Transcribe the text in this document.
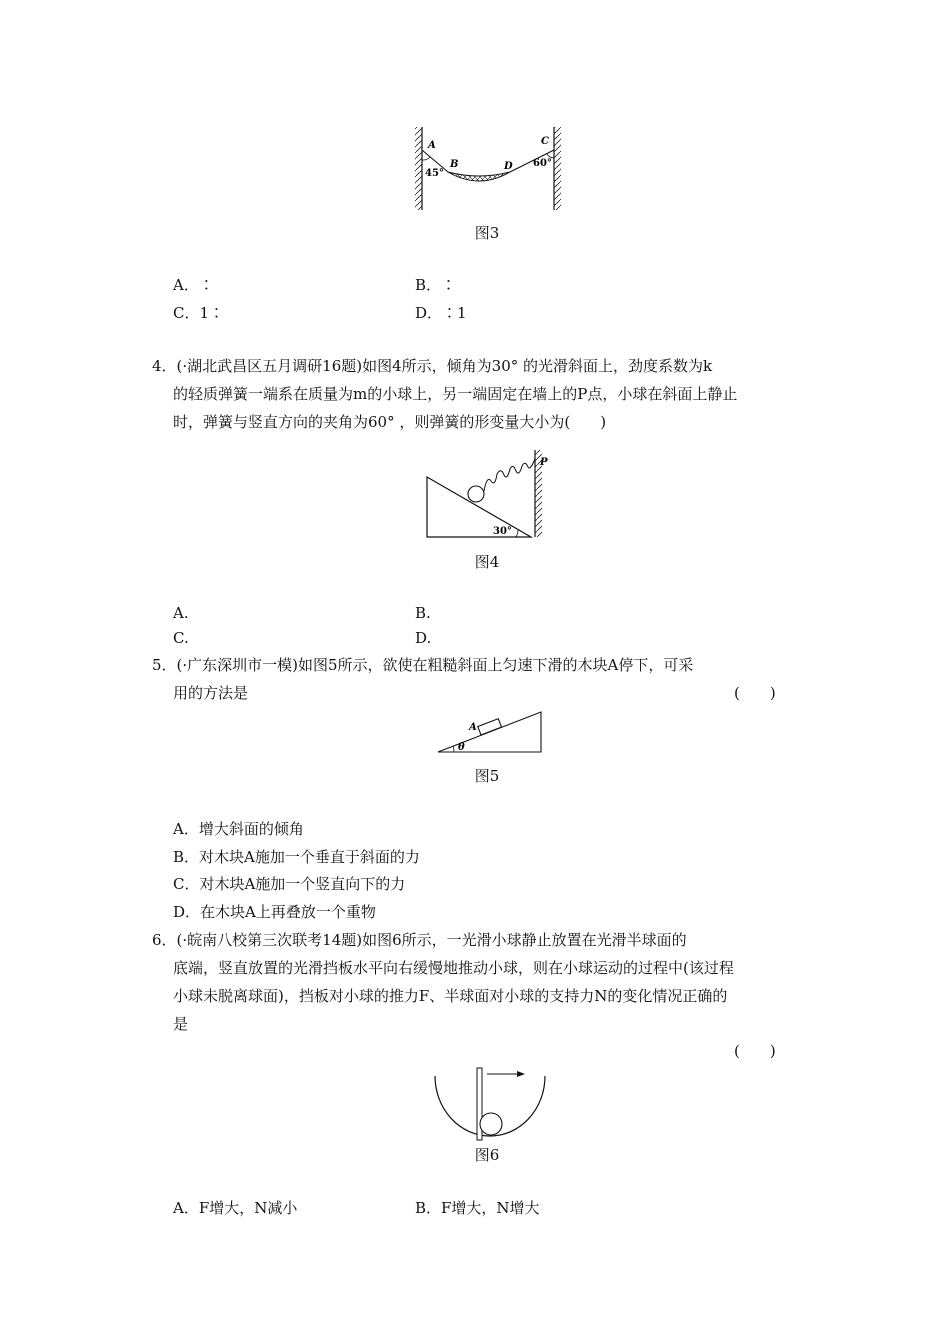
A
B	D
C
45°
60°
图3
A．∶	B．∶
C．1∶	D．∶1
4．(·湖北武昌区五月调研16题)如图4所示，倾角为30° 的光滑斜面上，劲度系数为k
的轻质弹簧一端系在质量为m的小球上，另一端固定在墙上的P点，小球在斜面上静止
时，弹簧与竖直方向的夹角为60° ，则弹簧的形变量大小为(　　)
P
30°
图4
A.	B.
C.	D.
5．(·广东深圳市一模)如图5所示，欲使在粗糙斜面上匀速下滑的木块A停下，可采
用的方法是	(　　)
A
θ
图5
A．增大斜面的倾角
B．对木块A施加一个垂直于斜面的力
C．对木块A施加一个竖直向下的力
D．在木块A上再叠放一个重物
6．(·皖南八校第三次联考14题)如图6所示，一光滑小球静止放置在光滑半球面的
底端，竖直放置的光滑挡板水平向右缓慢地推动小球，则在小球运动的过程中(该过程
小球未脱离球面)，挡板对小球的推力F、半球面对小球的支持力N的变化情况正确的
是
(　　)
图6
A．F增大，N减小	B．F增大，N增大
